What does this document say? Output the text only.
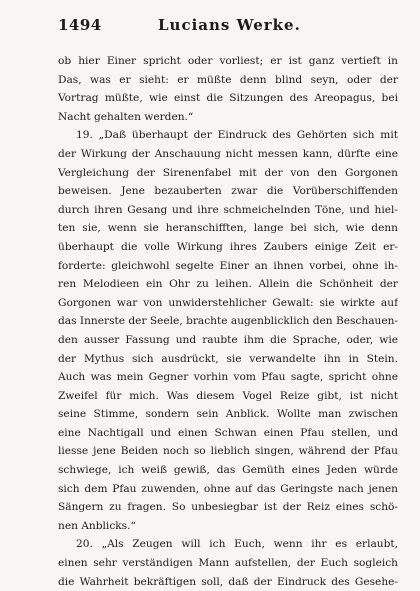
1494	Lucians Werke.
ob hier Einer spricht oder vorliest; er ist ganz vertieft in
Das, was er sieht: er müßte denn blind seyn, oder der
Vortrag müßte, wie einst die Sitzungen des Areopagus, bei
Nacht gehalten werden.“
19. „Daß überhaupt der Eindruck des Gehörten sich mit
der Wirkung der Anschauung nicht messen kann, dürfte eine
Vergleichung der Sirenenfabel mit der von den Gorgonen
beweisen. Jene bezauberten zwar die Vorüberschiffenden
durch ihren Gesang und ihre schmeichelnden Töne, und hiel-
ten sie, wenn sie heranschifften, lange bei sich, wie denn
überhaupt die volle Wirkung ihres Zaubers einige Zeit er-
forderte: gleichwohl segelte Einer an ihnen vorbei, ohne ih-
ren Melodieen ein Ohr zu leihen. Allein die Schönheit der
Gorgonen war von unwiderstehlicher Gewalt: sie wirkte auf
das Innerste der Seele, brachte augenblicklich den Beschauen-
den ausser Fassung und raubte ihm die Sprache, oder, wie
der Mythus sich ausdrückt, sie verwandelte ihn in Stein.
Auch was mein Gegner vorhin vom Pfau sagte, spricht ohne
Zweifel für mich. Was diesem Vogel Reize gibt, ist nicht
seine Stimme, sondern sein Anblick. Wollte man zwischen
eine Nachtigall und einen Schwan einen Pfau stellen, und
liesse jene Beiden noch so lieblich singen, während der Pfau
schwiege, ich weiß gewiß, das Gemüth eines Jeden würde
sich dem Pfau zuwenden, ohne auf das Geringste nach jenen
Sängern zu fragen. So unbesiegbar ist der Reiz eines schö-
nen Anblicks.“
20. „Als Zeugen will ich Euch, wenn ihr es erlaubt,
einen sehr verständigen Mann aufstellen, der Euch sogleich
die Wahrheit bekräftigen soll, daß der Eindruck des Gesehe-
